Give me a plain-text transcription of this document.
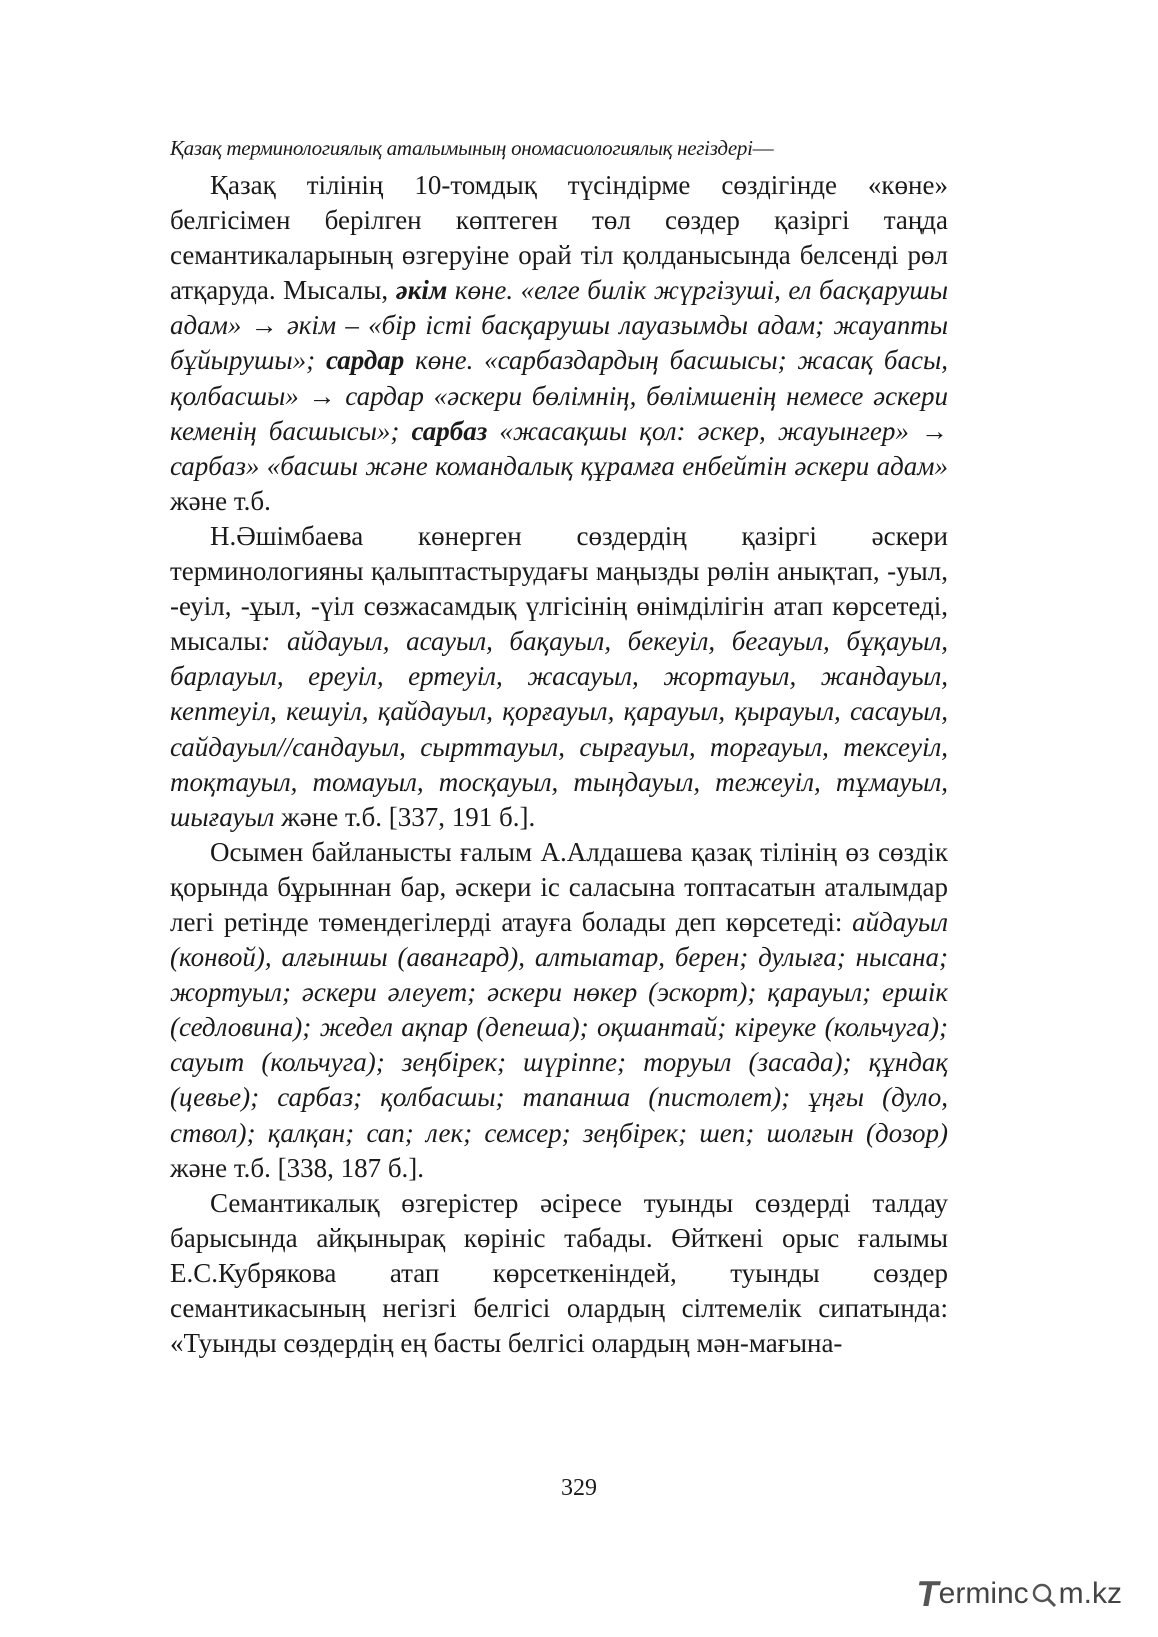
Қазақ терминологиялық аталымының ономасиологиялық негіздері—

Қазақ тілінің 10-томдық түсіндірме сөздігінде «көне» белгісімен берілген көптеген төл сөздер қазіргі таңда семантикаларының өзгеруіне орай тіл қолданысында белсенді рөл атқаруда. Мысалы, әкім көне. «елге билік жүргізуші, ел басқарушы адам» → әкім – «бір істі басқарушы лауазымды адам; жауапты бұйырушы»; сардар көне. «сарбаздардың басшысы; жасақ басы, қолбасшы» → сардар «әскери бөлімнің, бөлімшенің немесе әскери кеменің басшысы»; сарбаз «жасақшы қол: әскер, жауынгер» → сарбаз» «басшы және командалық құрамға енбейтін әскери адам» және т.б.

Н.Әшімбаева көнерген сөздердің қазіргі әскери терминологияны қалыптастырудағы маңызды рөлін анықтап, -уыл, -еуіл, -ұыл, -үіл сөзжасамдық үлгісінің өнімділігін атап көрсетеді, мысалы: айдауыл, асауыл, бақауыл, бекеуіл, бегауыл, бұқауыл, барлауыл, ереуіл, ертеуіл, жасауыл, жортауыл, жандауыл, кептеуіл, кешуіл, қайдауыл, қорғауыл, қарауыл, қырауыл, сасауыл, сайдауыл//сандауыл, сырттауыл, сырғауыл, торғауыл, тексеуіл, тоқтауыл, томауыл, тосқауыл, тыңдауыл, тежеуіл, тұмауыл, шығауыл және т.б. [337, 191 б.].

Осымен байланысты ғалым А.Алдашева қазақ тілінің өз сөздік қорында бұрыннан бар, әскери іс саласына топтасатын аталымдар легі ретінде төмендегілерді атауға болады деп көрсетеді: айдауыл (конвой), алғыншы (авангард), алтыатар, берен; дулыға; нысана; жортуыл; әскери әлеует; әскери нөкер (эскорт); қарауыл; ершік (седловина); жедел ақпар (депеша); оқшантай; кіреуке (кольчуга); сауыт (кольчуга); зеңбірек; шүріппе; торуыл (засада); құндақ (цевье); сарбаз; қолбасшы; тапанша (пистолет); ұңғы (дуло, ствол); қалқан; сап; лек; семсер; зеңбірек; шеп; шолғын (дозор) және т.б. [338, 187 б.].

Семантикалық өзгерістер әсіресе туынды сөздерді талдау барысында айқынырақ көрініс табады. Өйткені орыс ғалымы Е.С.Кубрякова атап көрсеткеніндей, туынды сөздер семантикасының негізгі белгісі олардың сілтемелік сипатында: «Туынды сөздердің ең басты белгісі олардың мән-мағына-

329
T
ermin c m.kz
